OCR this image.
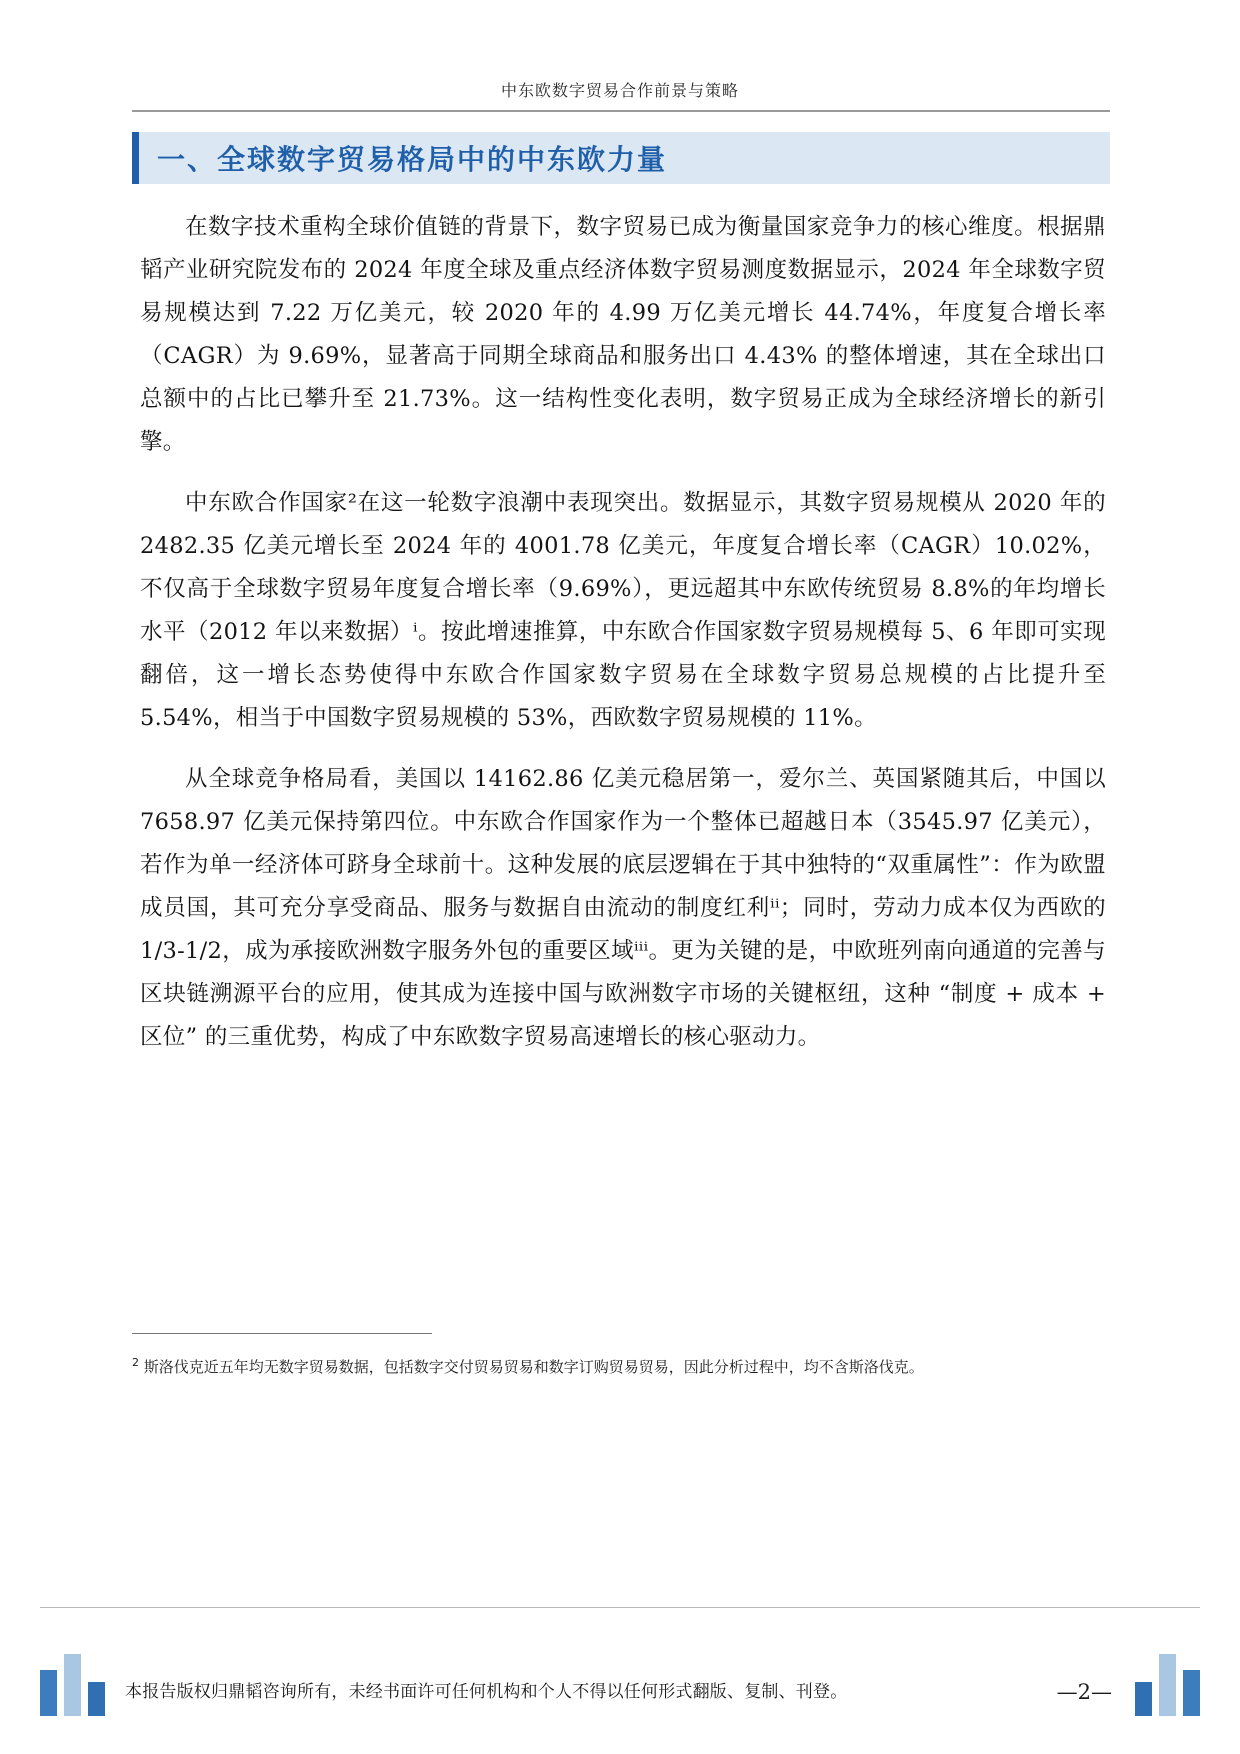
中东欧数字贸易合作前景与策略
一、全球数字贸易格局中的中东欧力量

在数字技术重构全球价值链的背景下，数字贸易已成为衡量国家竞争力的核心维度。根据鼎韬产业研究院发布的 2024 年度全球及重点经济体数字贸易测度数据显示，2024 年全球数字贸易规模达到 7.22 万亿美元，较 2020 年的 4.99 万亿美元增长 44.74%，年度复合增长率（CAGR）为 9.69%，显著高于同期全球商品和服务出口 4.43% 的整体增速，其在全球出口总额中的占比已攀升至 21.73%。这一结构性变化表明，数字贸易正成为全球经济增长的新引擎。

中东欧合作国家²在这一轮数字浪潮中表现突出。数据显示，其数字贸易规模从 2020 年的 2482.35 亿美元增长至 2024 年的 4001.78 亿美元，年度复合增长率（CAGR）10.02%，不仅高于全球数字贸易年度复合增长率（9.69%），更远超其中东欧传统贸易 8.8%的年均增长水平（2012 年以来数据）ⁱ。按此增速推算，中东欧合作国家数字贸易规模每 5、6 年即可实现翻倍，这一增长态势使得中东欧合作国家数字贸易在全球数字贸易总规模的占比提升至 5.54%，相当于中国数字贸易规模的 53%，西欧数字贸易规模的 11%。

从全球竞争格局看，美国以 14162.86 亿美元稳居第一，爱尔兰、英国紧随其后，中国以 7658.97 亿美元保持第四位。中东欧合作国家作为一个整体已超越日本（3545.97 亿美元），若作为单一经济体可跻身全球前十。这种发展的底层逻辑在于其中独特的“双重属性”：作为欧盟成员国，其可充分享受商品、服务与数据自由流动的制度红利ⁱⁱ；同时，劳动力成本仅为西欧的 1/3-1/2，成为承接欧洲数字服务外包的重要区域ⁱⁱⁱ。更为关键的是，中欧班列南向通道的完善与区块链溯源平台的应用，使其成为连接中国与欧洲数字市场的关键枢纽，这种 “制度 + 成本 + 区位” 的三重优势，构成了中东欧数字贸易高速增长的核心驱动力。

$^2$ 斯洛伐克近五年均无数字贸易数据，包括数字交付贸易贸易和数字订购贸易贸易，因此分析过程中，均不含斯洛伐克。
本报告版权归鼎韬咨询所有，未经书面许可任何机构和个人不得以任何形式翻版、复制、刊登。	—2—
